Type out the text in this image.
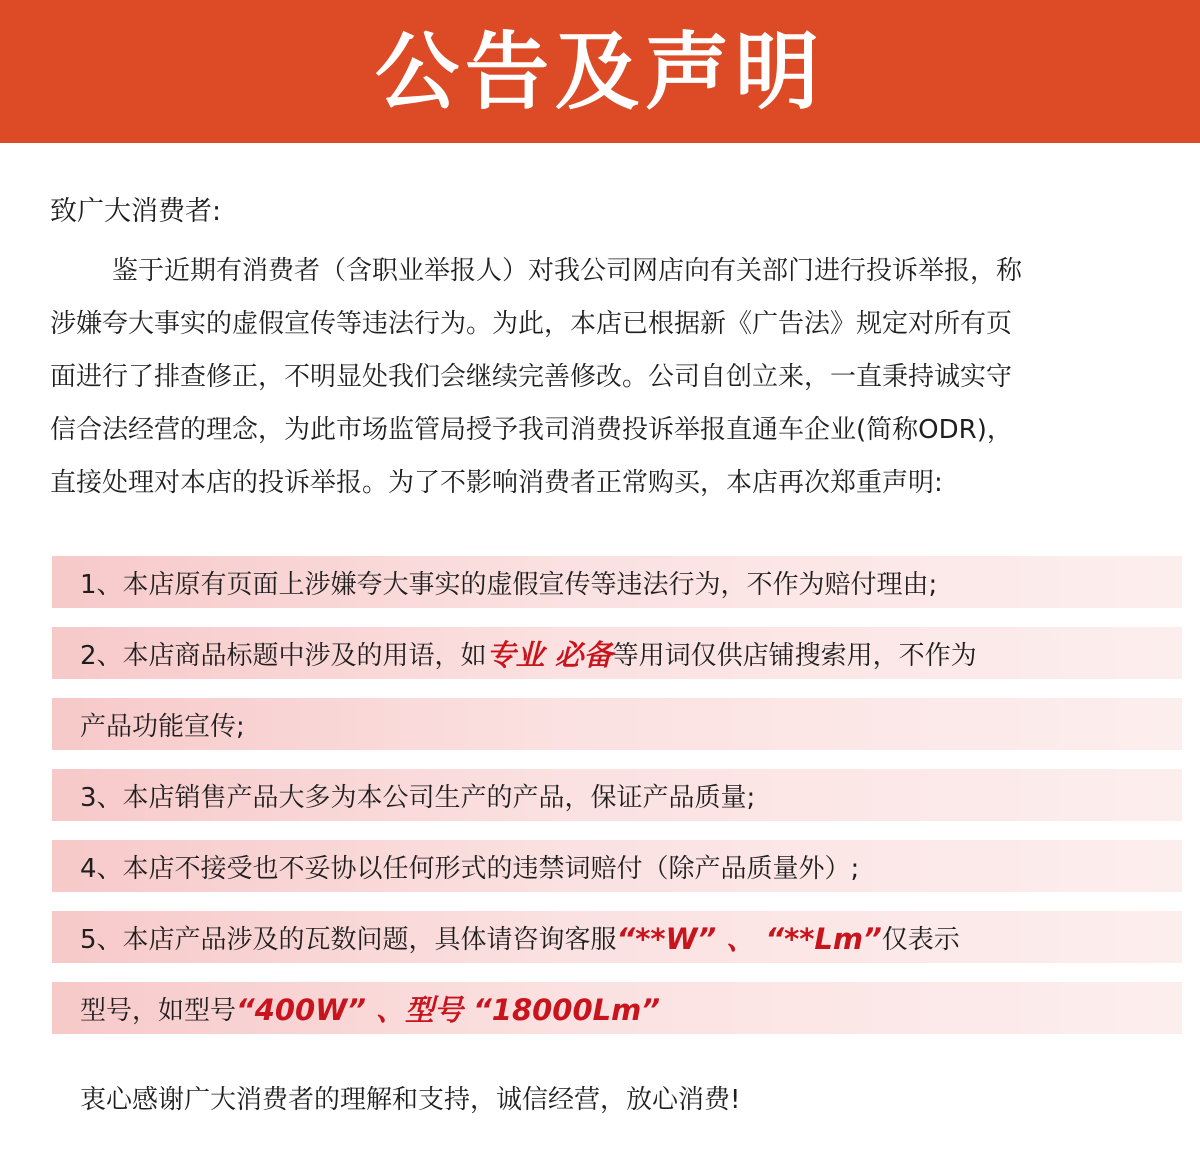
公告及声明
致广大消费者:
鉴于近期有消费者（含职业举报人）对我公司网店向有关部门进行投诉举报，称
涉嫌夸大事实的虚假宣传等违法行为。为此，本店已根据新《广告法》规定对所有页
面进行了排查修正，不明显处我们会继续完善修改。公司自创立来，一直秉持诚实守
信合法经营的理念，为此市场监管局授予我司消费投诉举报直通车企业(简称ODR)，
直接处理对本店的投诉举报。为了不影响消费者正常购买，本店再次郑重声明:
1、本店原有页面上涉嫌夸大事实的虚假宣传等违法行为，不作为赔付理由;
2、本店商品标题中涉及的用语，如 专业 必备 等用词仅供店铺搜索用，不作为
产品功能宣传;
3、本店销售产品大多为本公司生产的产品，保证产品质量;
4、本店不接受也不妥协以任何形式的违禁词赔付（除产品质量外）;
5、本店产品涉及的瓦数问题，具体请咨询客服 “**W” 、 “**Lm” 仅表示
型号，如型号 “400W” 、型号 “18000Lm”
衷心感谢广大消费者的理解和支持，诚信经营，放心消费!
